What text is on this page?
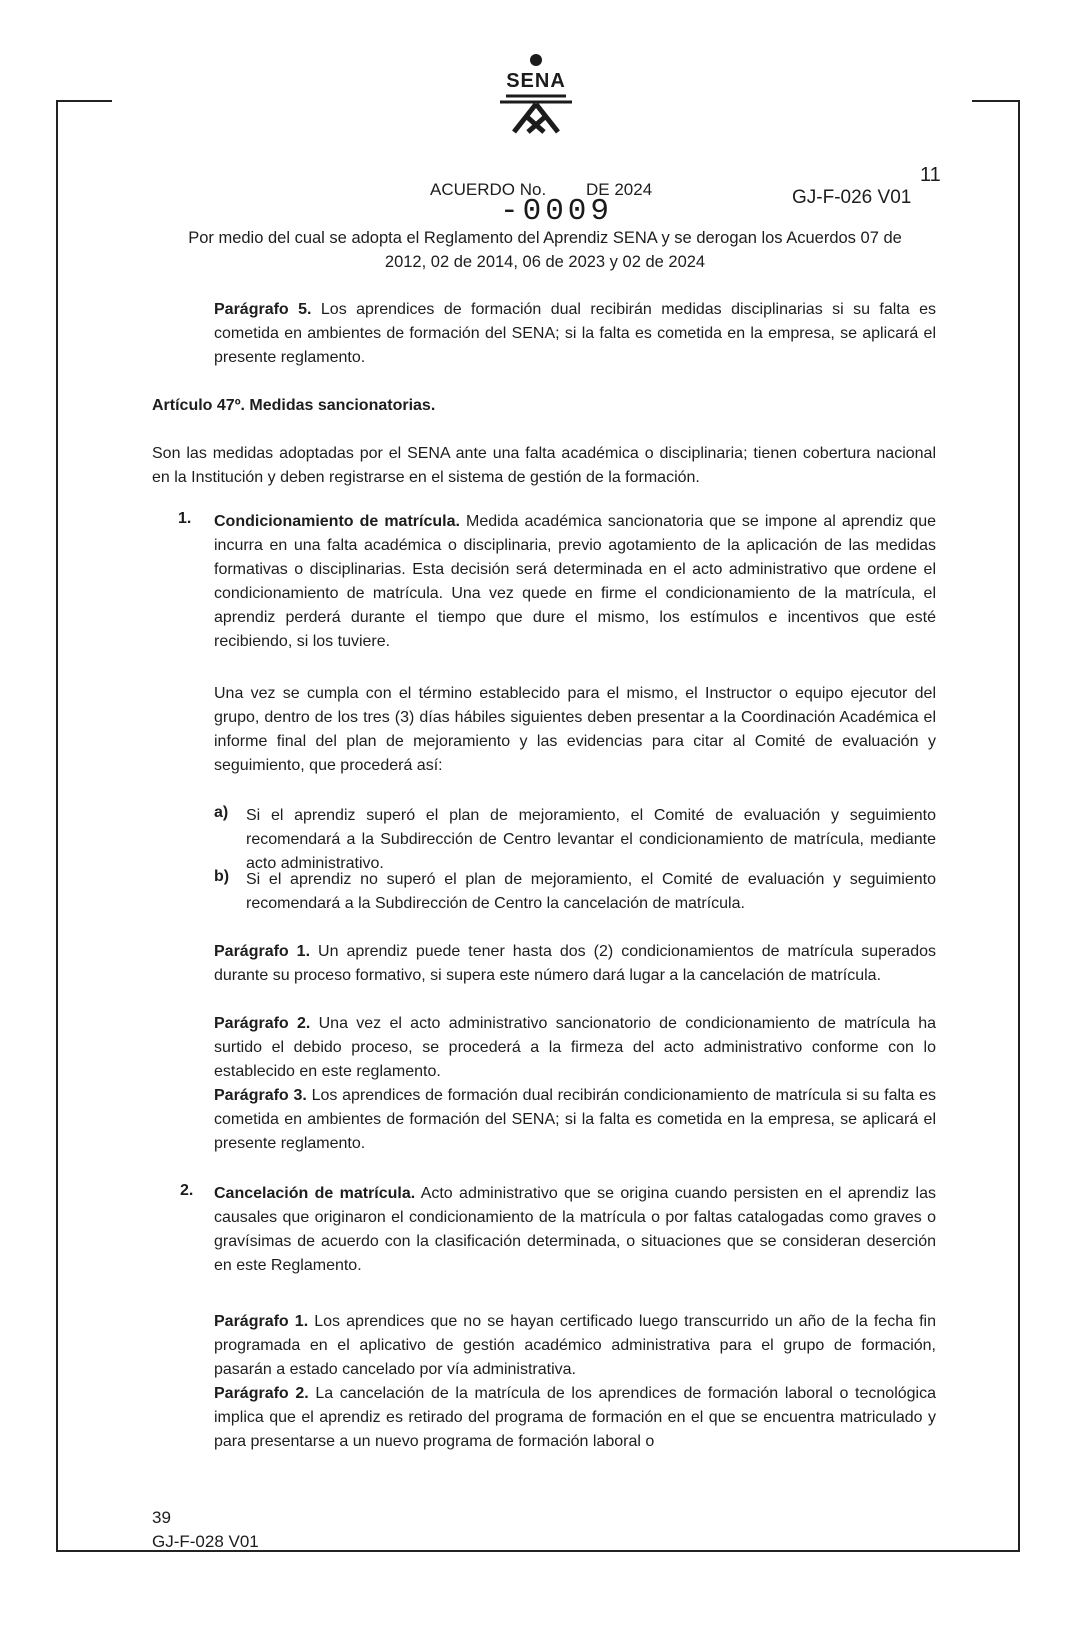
SENA
ACUERDO No. DE 2024
11
GJ-F-026 V01
-0009
Por medio del cual se adopta el Reglamento del Aprendiz SENA y se derogan los Acuerdos 07 de
2012, 02 de 2014, 06 de 2023 y 02 de 2024

Parágrafo 5. Los aprendices de formación dual recibirán medidas disciplinarias si su falta es cometida en ambientes de formación del SENA; si la falta es cometida en la empresa, se aplicará el presente reglamento.

Artículo 47º. Medidas sancionatorias.

Son las medidas adoptadas por el SENA ante una falta académica o disciplinaria; tienen cobertura nacional en la Institución y deben registrarse en el sistema de gestión de la formación.

1. Condicionamiento de matrícula. Medida académica sancionatoria que se impone al aprendiz que incurra en una falta académica o disciplinaria, previo agotamiento de la aplicación de las medidas formativas o disciplinarias. Esta decisión será determinada en el acto administrativo que ordene el condicionamiento de matrícula. Una vez quede en firme el condicionamiento de la matrícula, el aprendiz perderá durante el tiempo que dure el mismo, los estímulos e incentivos que esté recibiendo, si los tuviere.

Una vez se cumpla con el término establecido para el mismo, el Instructor o equipo ejecutor del grupo, dentro de los tres (3) días hábiles siguientes deben presentar a la Coordinación Académica el informe final del plan de mejoramiento y las evidencias para citar al Comité de evaluación y seguimiento, que procederá así:

a) Si el aprendiz superó el plan de mejoramiento, el Comité de evaluación y seguimiento recomendará a la Subdirección de Centro levantar el condicionamiento de matrícula, mediante acto administrativo.

b) Si el aprendiz no superó el plan de mejoramiento, el Comité de evaluación y seguimiento recomendará a la Subdirección de Centro la cancelación de matrícula.

Parágrafo 1. Un aprendiz puede tener hasta dos (2) condicionamientos de matrícula superados durante su proceso formativo, si supera este número dará lugar a la cancelación de matrícula.

Parágrafo 2. Una vez el acto administrativo sancionatorio de condicionamiento de matrícula ha surtido el debido proceso, se procederá a la firmeza del acto administrativo conforme con lo establecido en este reglamento.

Parágrafo 3. Los aprendices de formación dual recibirán condicionamiento de matrícula si su falta es cometida en ambientes de formación del SENA; si la falta es cometida en la empresa, se aplicará el presente reglamento.

2. Cancelación de matrícula. Acto administrativo que se origina cuando persisten en el aprendiz las causales que originaron el condicionamiento de la matrícula o por faltas catalogadas como graves o gravísimas de acuerdo con la clasificación determinada, o situaciones que se consideran deserción en este Reglamento.

Parágrafo 1. Los aprendices que no se hayan certificado luego transcurrido un año de la fecha fin programada en el aplicativo de gestión académico administrativa para el grupo de formación, pasarán a estado cancelado por vía administrativa.

Parágrafo 2. La cancelación de la matrícula de los aprendices de formación laboral o tecnológica implica que el aprendiz es retirado del programa de formación en el que se encuentra matriculado y para presentarse a un nuevo programa de formación laboral o

39
GJ-F-028 V01
